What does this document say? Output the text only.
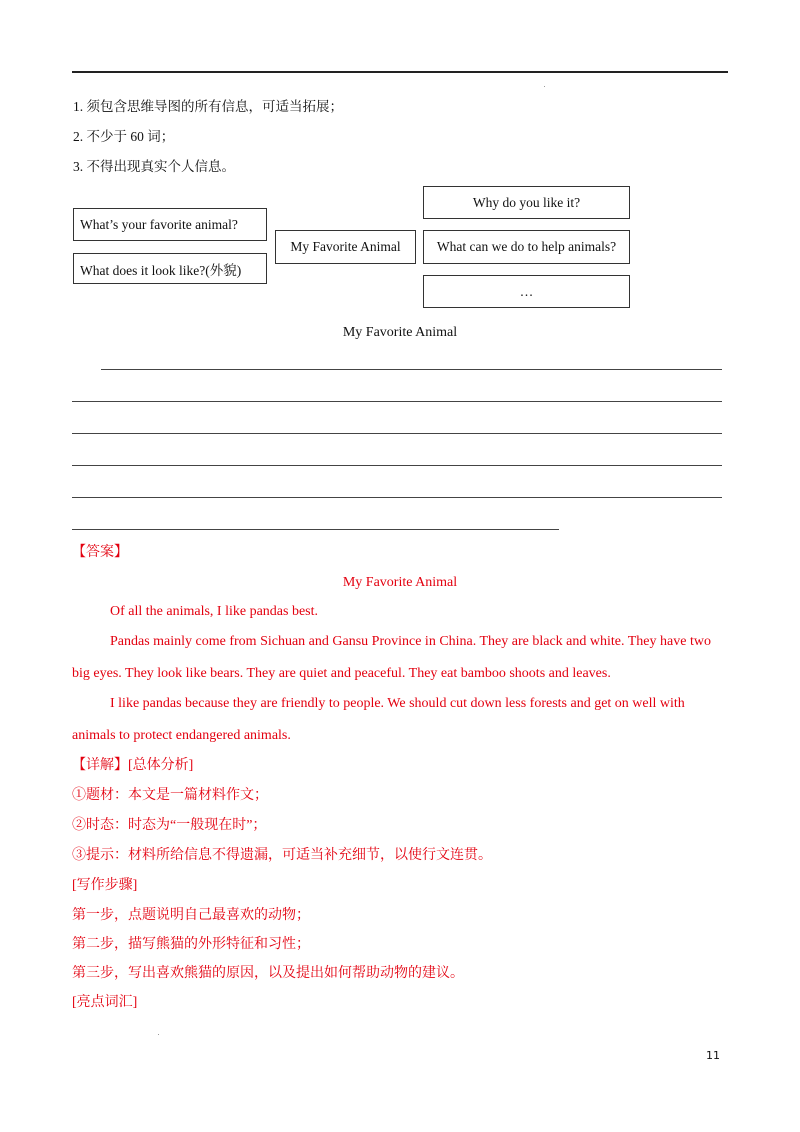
1. 须包含思维导图的所有信息，可适当拓展；
2. 不少于 60 词；
3. 不得出现真实个人信息。
What’s your favorite animal?
What does it look like?(外貌)
My Favorite Animal
Why do you like it?
What can we do to help animals?
…
My Favorite Animal
【答案】
My Favorite Animal
Of all the animals, I like pandas best.
Pandas mainly come from Sichuan and Gansu Province in China. They are black and white. They have two
big eyes. They look like bears. They are quiet and peaceful. They eat bamboo shoots and leaves.
I like pandas because they are friendly to people. We should cut down less forests and get on well with
animals to protect endangered animals.
【详解】[总体分析]
①题材：本文是一篇材料作文；
②时态：时态为“一般现在时”；
③提示：材料所给信息不得遗漏，可适当补充细节，以使行文连贯。
[写作步骤]
第一步，点题说明自己最喜欢的动物；
第二步，描写熊猫的外形特征和习性；
第三步，写出喜欢熊猫的原因，以及提出如何帮助动物的建议。
[亮点词汇]
11
